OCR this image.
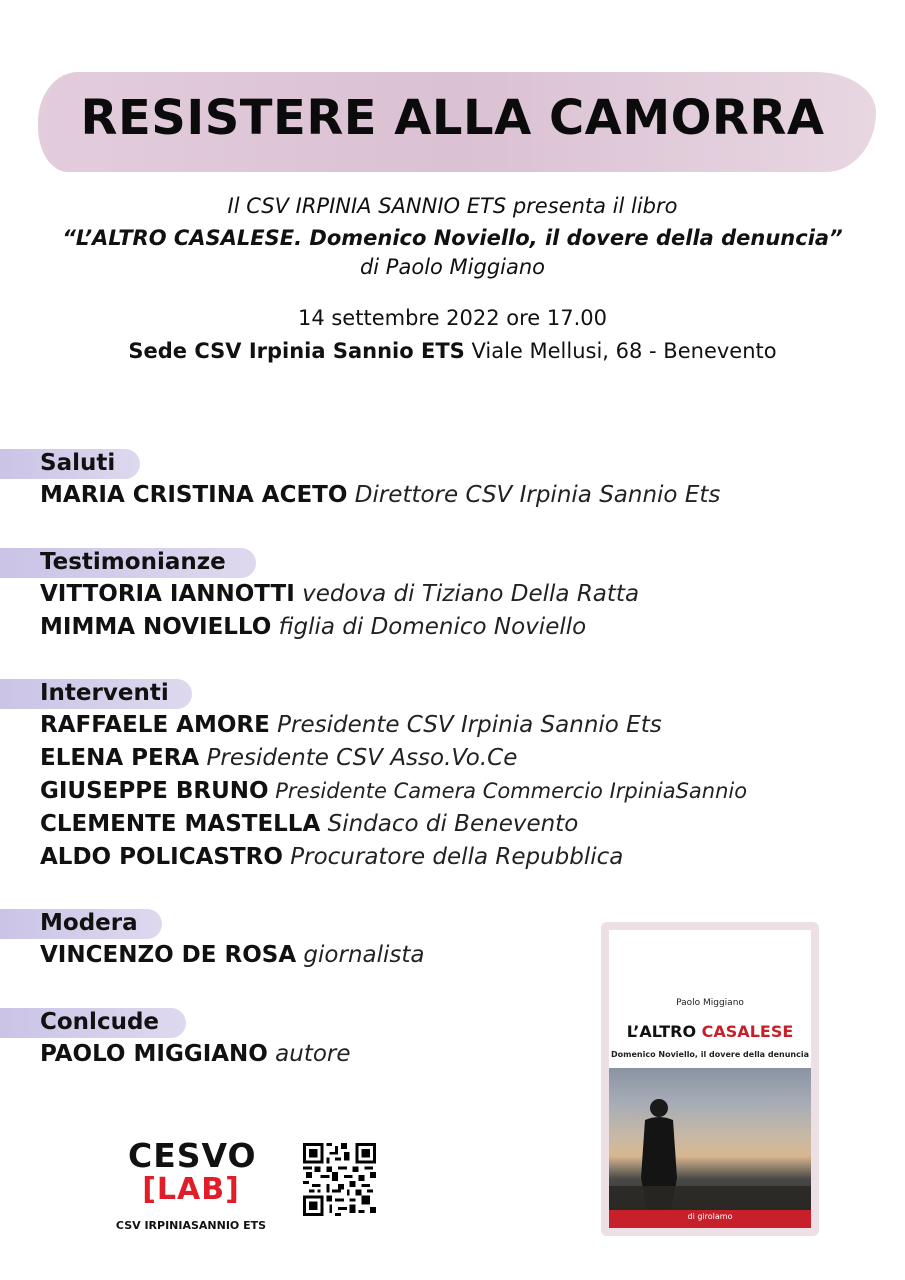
RESISTERE ALLA CAMORRA
Il CSV IRPINIA SANNIO ETS presenta il libro
“L’ALTRO CASALESE. Domenico Noviello, il dovere della denuncia”
di Paolo Miggiano
14 settembre 2022 ore 17.00
Sede CSV Irpinia Sannio ETS Viale Mellusi, 68 - Benevento
Saluti
MARIA CRISTINA ACETO Direttore CSV Irpinia Sannio Ets
Testimonianze
VITTORIA IANNOTTI vedova di Tiziano Della Ratta
MIMMA NOVIELLO figlia di Domenico Noviello
Interventi
RAFFAELE AMORE Presidente CSV Irpinia Sannio Ets
ELENA PERA Presidente CSV Asso.Vo.Ce
GIUSEPPE BRUNO Presidente Camera Commercio IrpiniaSannio
CLEMENTE MASTELLA Sindaco di Benevento
ALDO POLICASTRO Procuratore della Repubblica
Modera
VINCENZO DE ROSA giornalista
Conlcude
PAOLO MIGGIANO autore
CESVO
[LAB]
CSV IRPINIASANNIO ETS
Paolo Miggiano
L’ALTRO CASALESE
Domenico Noviello, il dovere della denuncia
di girolamo
